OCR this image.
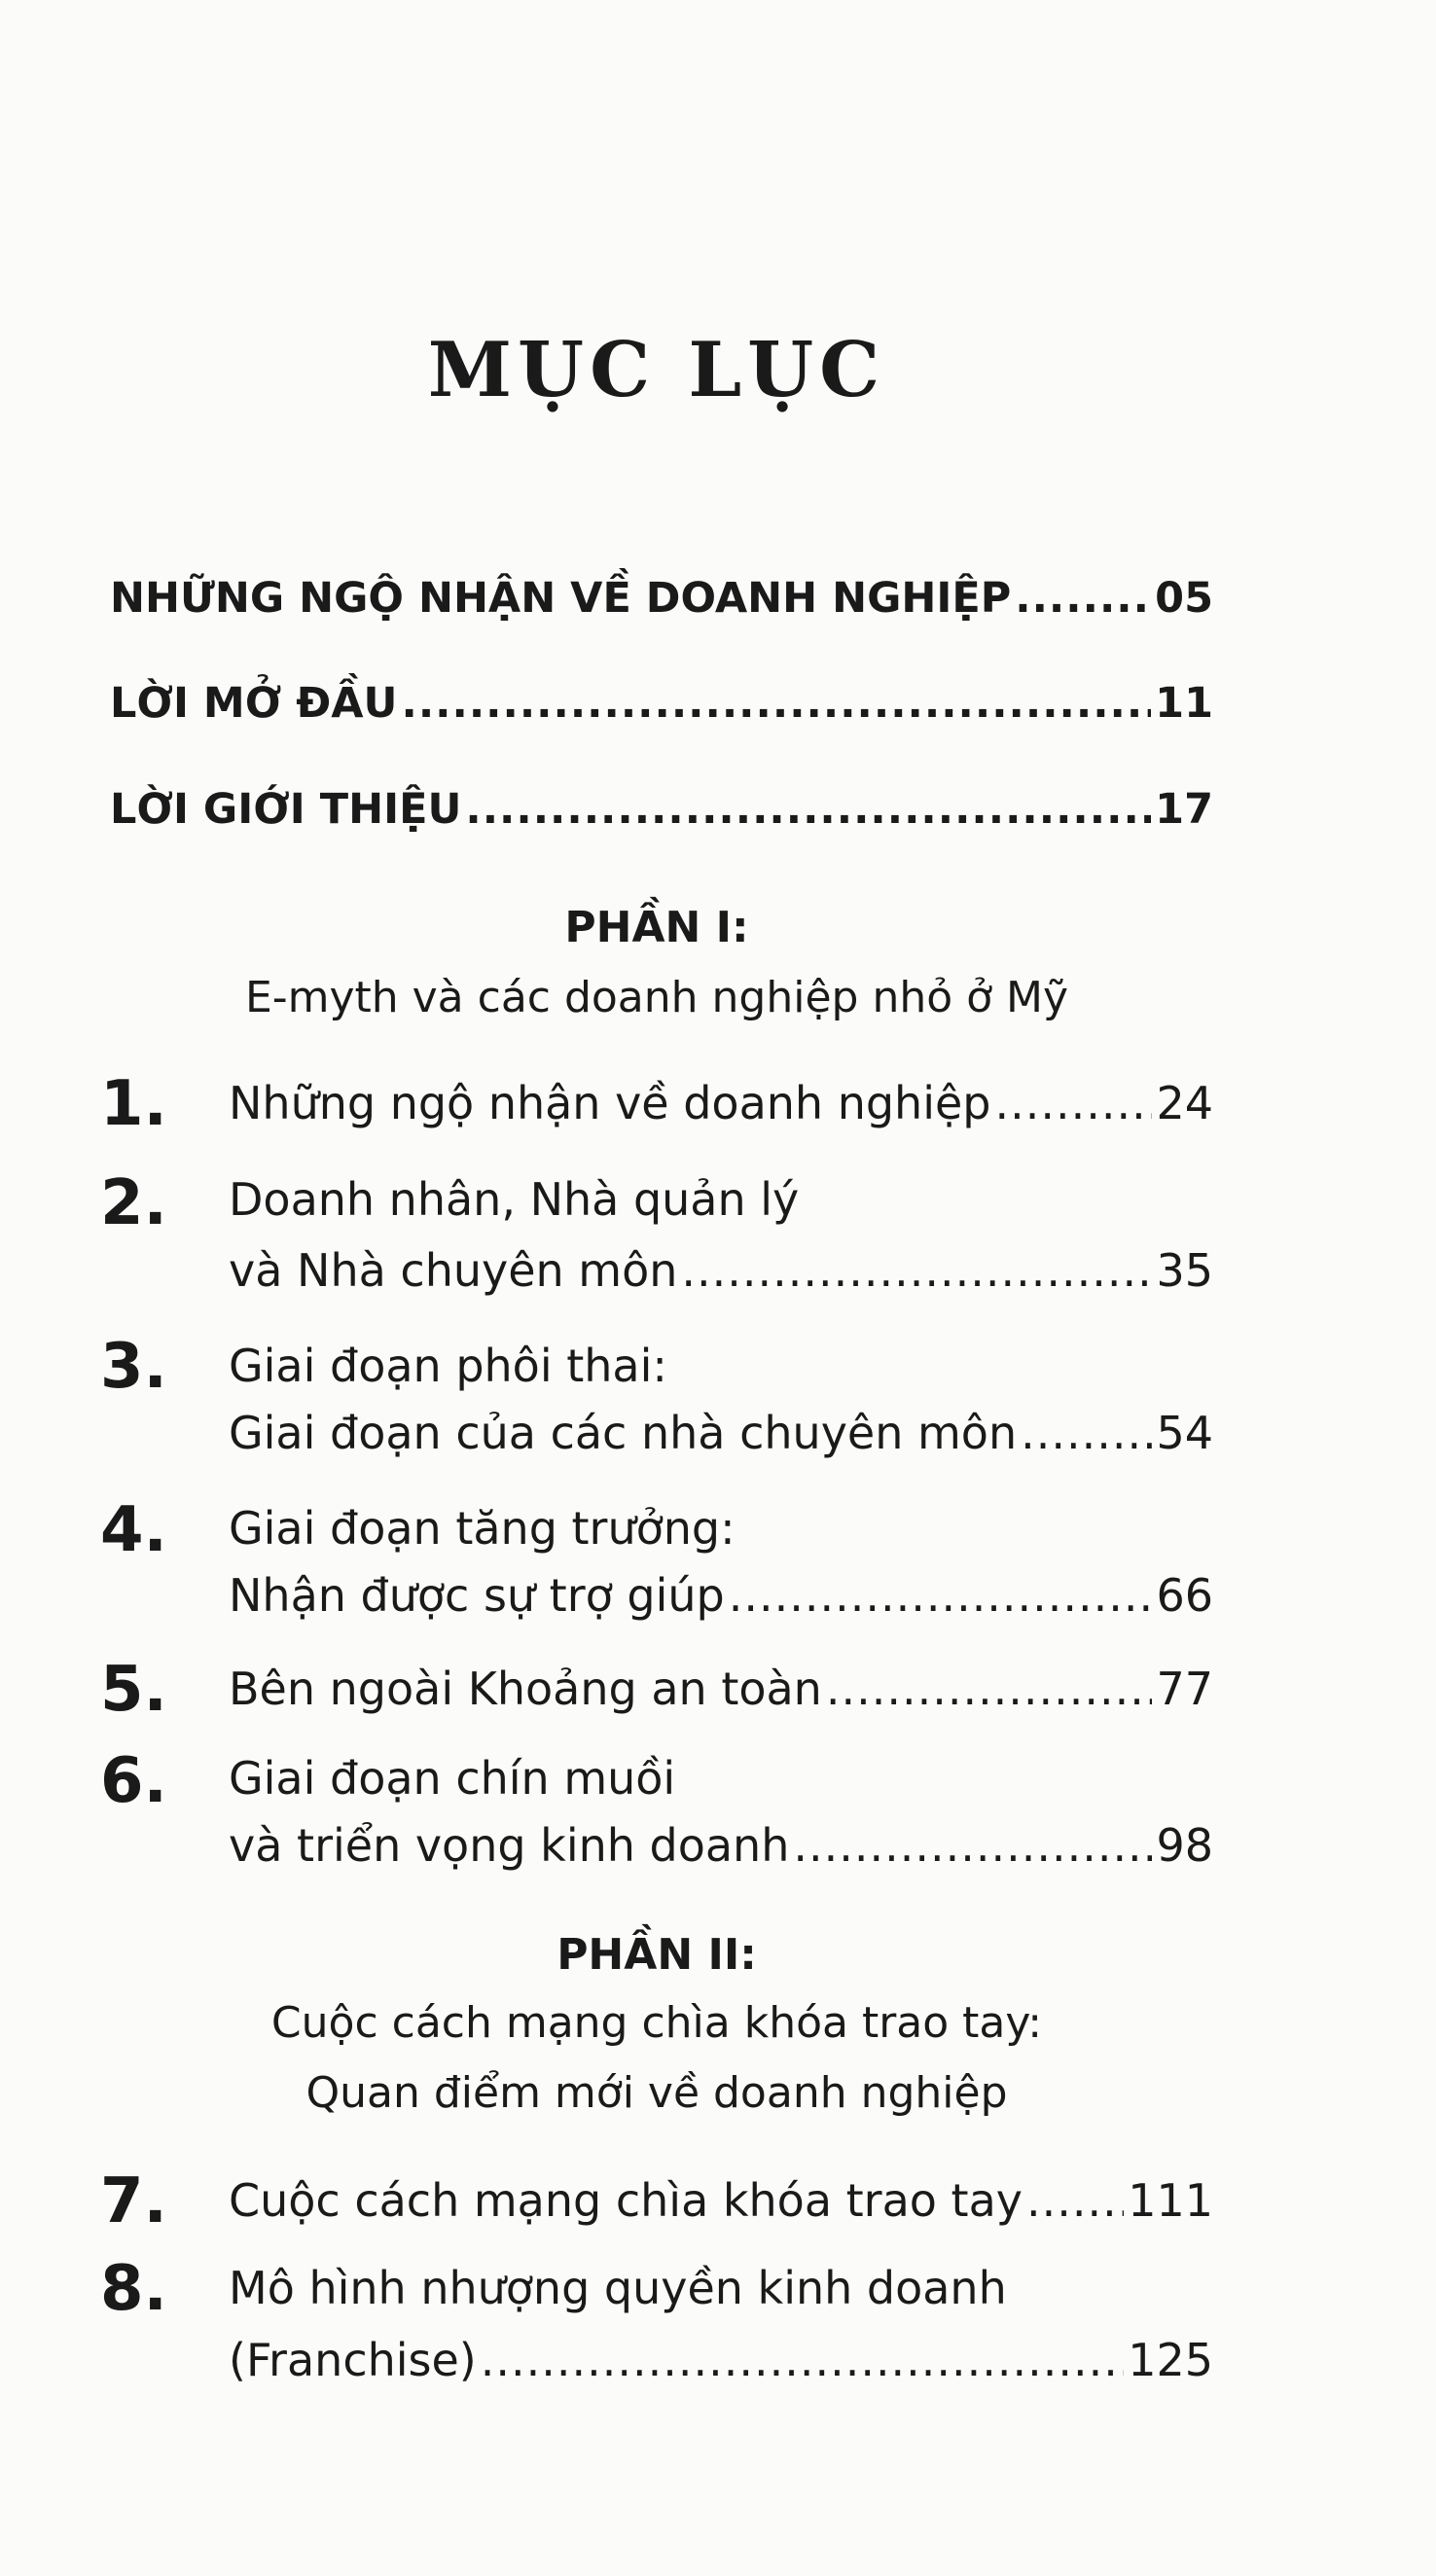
MỤC LỤC
NHỮNG NGỘ NHẬN VỀ DOANH NGHIỆP .....	05
LỜI MỞ ĐẦU .....	11
LỜI GIỚI THIỆU .....	17
PHẦN I:
E-myth và các doanh nghiệp nhỏ ở Mỹ
1. Những ngộ nhận về doanh nghiệp .....	24
2. Doanh nhân, Nhà quản lý
và Nhà chuyên môn .....	35
3. Giai đoạn phôi thai:
Giai đoạn của các nhà chuyên môn .....	54
4. Giai đoạn tăng trưởng:
Nhận được sự trợ giúp .....	66
5. Bên ngoài Khoảng an toàn .....	77
6. Giai đoạn chín muồi
và triển vọng kinh doanh .....	98
PHẦN II:
Cuộc cách mạng chìa khóa trao tay:
Quan điểm mới về doanh nghiệp
7. Cuộc cách mạng chìa khóa trao tay ..... 111
8. Mô hình nhượng quyền kinh doanh
(Franchise) .....	125
